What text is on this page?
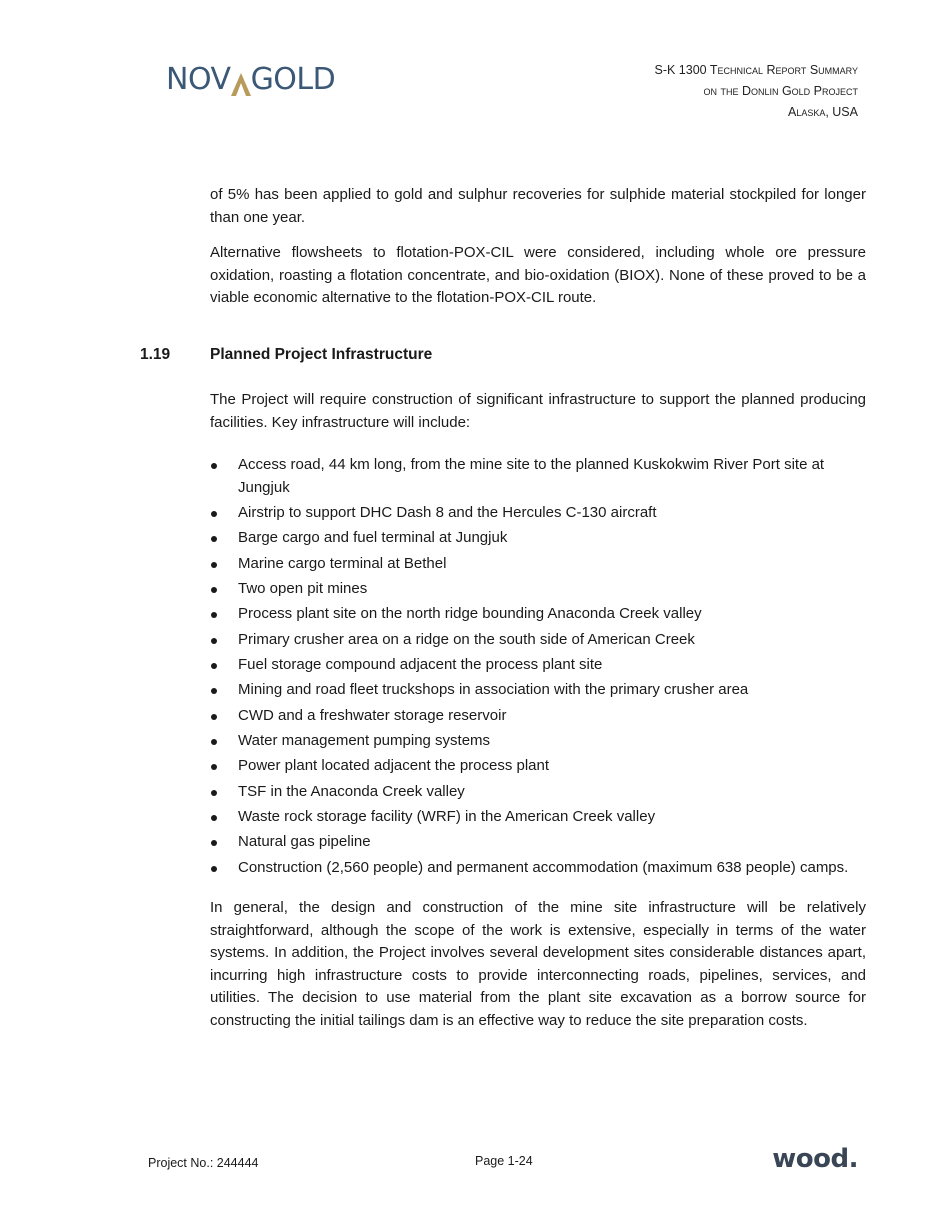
NOV GOLD	S-K 1300 Technical Report Summary
on the Donlin Gold Project
Alaska, USA

of 5% has been applied to gold and sulphur recoveries for sulphide material stockpiled for longer than one year.

Alternative flowsheets to flotation-POX-CIL were considered, including whole ore pressure oxidation, roasting a flotation concentrate, and bio-oxidation (BIOX). None of these proved to be a viable economic alternative to the flotation-POX-CIL route.

1.19	Planned Project Infrastructure

The Project will require construction of significant infrastructure to support the planned producing facilities. Key infrastructure will include:

Access road, 44 km long, from the mine site to the planned Kuskokwim River Port site at Jungjuk
Airstrip to support DHC Dash 8 and the Hercules C-130 aircraft
Barge cargo and fuel terminal at Jungjuk
Marine cargo terminal at Bethel
Two open pit mines
Process plant site on the north ridge bounding Anaconda Creek valley
Primary crusher area on a ridge on the south side of American Creek
Fuel storage compound adjacent the process plant site
Mining and road fleet truckshops in association with the primary crusher area
CWD and a freshwater storage reservoir
Water management pumping systems
Power plant located adjacent the process plant
TSF in the Anaconda Creek valley
Waste rock storage facility (WRF) in the American Creek valley
Natural gas pipeline
Construction (2,560 people) and permanent accommodation (maximum 638 people) camps.

In general, the design and construction of the mine site infrastructure will be relatively straightforward, although the scope of the work is extensive, especially in terms of the water systems. In addition, the Project involves several development sites considerable distances apart, incurring high infrastructure costs to provide interconnecting roads, pipelines, services, and utilities. The decision to use material from the plant site excavation as a borrow source for constructing the initial tailings dam is an effective way to reduce the site preparation costs.

Project No.: 244444	Page 1-24	wood.
